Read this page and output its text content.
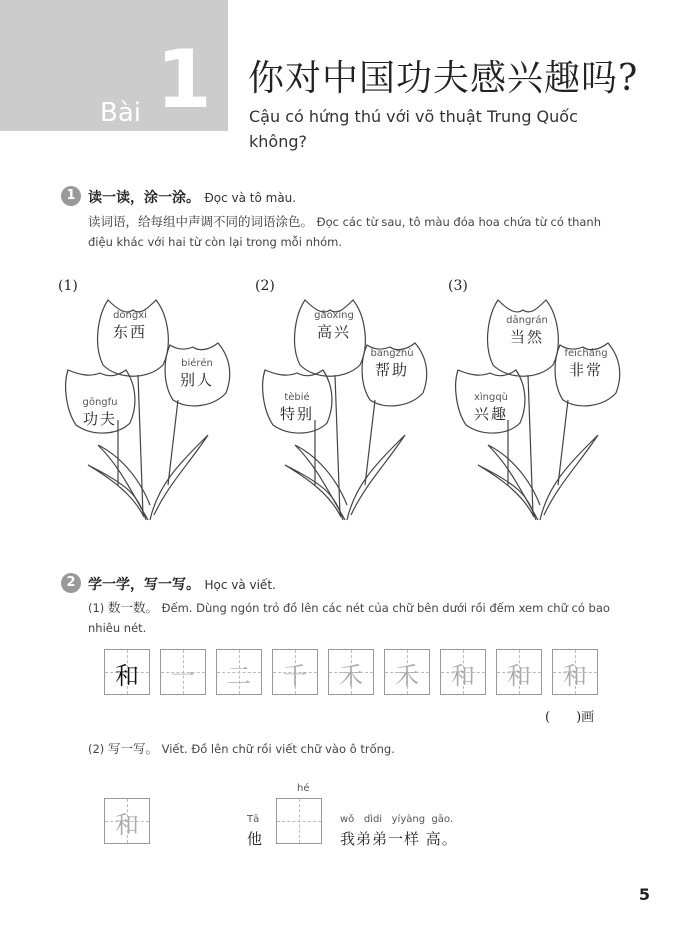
Bài 1 你对中国功夫感兴趣吗?
Cậu có hứng thú với võ thuật Trung Quốc không?
1 读一读，涂一涂。 Đọc và tô màu.
读词语，给每组中声调不同的词语涂色。 Đọc các từ sau, tô màu đóa hoa chứa từ có thanh điệu khác với hai từ còn lại trong mỗi nhóm.
(1)
dōngxi
东西
biérén
别人
gōngfu
功夫
(2)
gāoxìng
高兴
bāngzhù
帮助
tèbié
特别
(3)
dāngrán
当然
fēicháng
非常
xìngqù
兴趣
2 学一学，写一写。 Học và viết.
(1) 数一数。 Đếm. Dùng ngón trỏ đồ lên các nét của chữ bên dưới rồi đếm xem chữ có bao nhiêu nét.
和	一	二	千	禾	禾	和	和	和
(　　)画
(2) 写一写。 Viết. Đồ lên chữ rồi viết chữ vào ô trống.
和	Tā
他
hé
wǒ   dìdi   yíyàng  gāo.
我弟弟一样 高。
5
